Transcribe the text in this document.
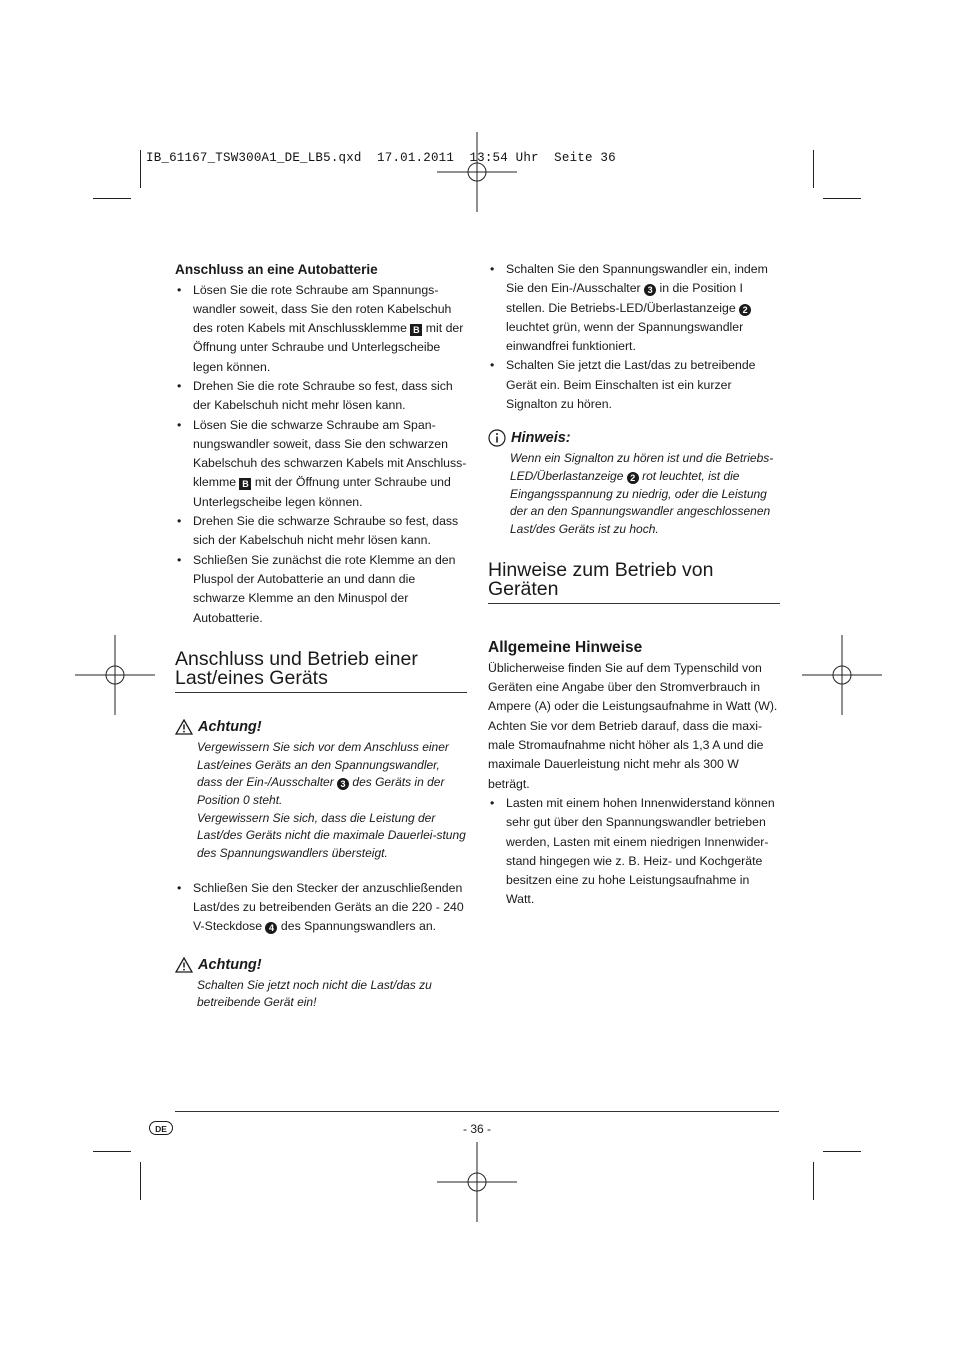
IB_61167_TSW300A1_DE_LB5.qxd  17.01.2011  13:54 Uhr  Seite 36
Anschluss an eine Autobatterie
• Lösen Sie die rote Schraube am Spannungs-wandler soweit, dass Sie den roten Kabelschuh des roten Kabels mit Anschlussklemme B mit der Öffnung unter Schraube und Unterlegscheibe legen können.
• Drehen Sie die rote Schraube so fest, dass sich der Kabelschuh nicht mehr lösen kann.
• Lösen Sie die schwarze Schraube am Span-nungswandler soweit, dass Sie den schwarzen Kabelschuh des schwarzen Kabels mit Anschluss-klemme B mit der Öffnung unter Schraube und Unterlegscheibe legen können.
• Drehen Sie die schwarze Schraube so fest, dass sich der Kabelschuh nicht mehr lösen kann.
• Schließen Sie zunächst die rote Klemme an den Pluspol der Autobatterie an und dann die schwarze Klemme an den Minuspol der Autobatterie.
Anschluss und Betrieb einer Last/eines Geräts
Achtung!
Vergewissern Sie sich vor dem Anschluss einer Last/eines Geräts an den Spannungswandler, dass der Ein-/Ausschalter 3 des Geräts in der Position 0 steht.
Vergewissern Sie sich, dass die Leistung der Last/des Geräts nicht die maximale Dauerlei-stung des Spannungswandlers übersteigt.
• Schließen Sie den Stecker der anzuschließenden Last/des zu betreibenden Geräts an die 220 - 240 V-Steckdose 4 des Spannungswandlers an.
Achtung!
Schalten Sie jetzt noch nicht die Last/das zu betreibende Gerät ein!
• Schalten Sie den Spannungswandler ein, indem Sie den Ein-/Ausschalter 3 in die Position I stellen. Die Betriebs-LED/Überlastanzeige 2 leuchtet grün, wenn der Spannungswandler einwandfrei funktioniert.
• Schalten Sie jetzt die Last/das zu betreibende Gerät ein. Beim Einschalten ist ein kurzer Signalton zu hören.
Hinweis:
Wenn ein Signalton zu hören ist und die Betriebs-LED/Überlastanzeige 2 rot leuchtet, ist die Eingangsspannung zu niedrig, oder die Leistung der an den Spannungswandler angeschlossenen Last/des Geräts ist zu hoch.
Hinweise zum Betrieb von Geräten
Allgemeine Hinweise

Üblicherweise finden Sie auf dem Typenschild von Geräten eine Angabe über den Stromverbrauch in Ampere (A) oder die Leistungsaufnahme in Watt (W). Achten Sie vor dem Betrieb darauf, dass die maxi-male Stromaufnahme nicht höher als 1,3 A und die maximale Dauerleistung nicht mehr als 300 W beträgt.

• Lasten mit einem hohen Innenwiderstand können sehr gut über den Spannungswandler betrieben werden, Lasten mit einem niedrigen Innenwider-stand hingegen wie z. B. Heiz- und Kochgeräte besitzen eine zu hohe Leistungsaufnahme in Watt.
DE	- 36 -
